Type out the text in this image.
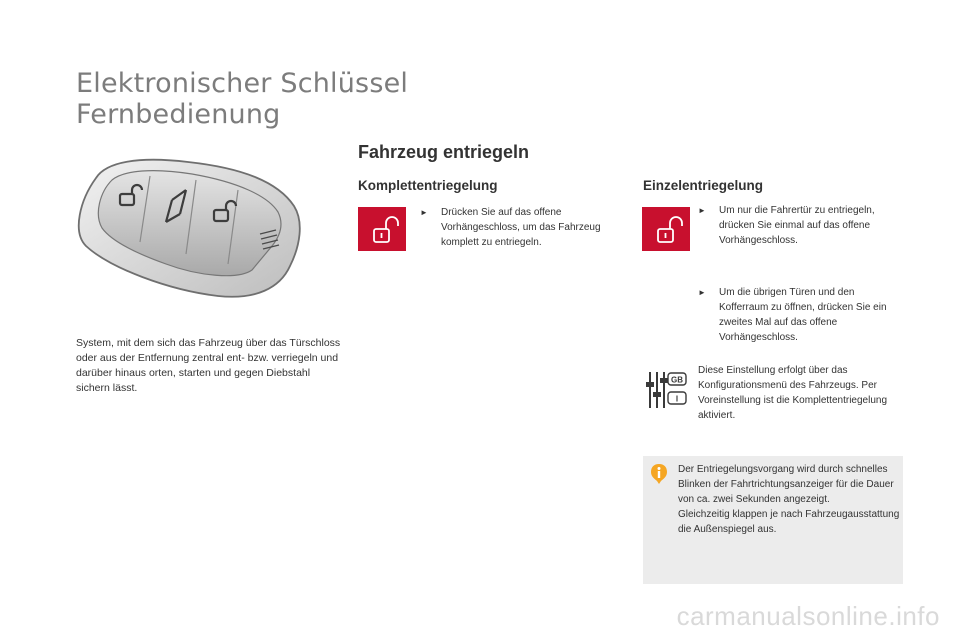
Elektronischer Schlüssel
Fernbedienung

System, mit dem sich das Fahrzeug über das Türschloss oder aus der Entfernung zentral ent- bzw. verriegeln und darüber hinaus orten, starten und gegen Diebstahl sichern lässt.

Fahrzeug entriegeln
Komplettentriegelung	Einzelentriegelung
►	Drücken Sie auf das offene Vorhängeschloss, um das Fahrzeug komplett zu entriegeln.
►	Um nur die Fahrertür zu entriegeln, drücken Sie einmal auf das offene Vorhängeschloss.
►	Um die übrigen Türen und den Kofferraum zu öffnen, drücken Sie ein zweites Mal auf das offene Vorhängeschloss.
GB
I
Diese Einstellung erfolgt über das Konfigurationsmenü des Fahrzeugs. Per Voreinstellung ist die Komplettentriegelung aktiviert.
Der Entriegelungsvorgang wird durch schnelles Blinken der Fahrtrichtungsanzeiger für die Dauer von ca. zwei Sekunden angezeigt.
Gleichzeitig klappen je nach Fahrzeugausstattung die Außenspiegel aus.
carmanualsonline.info
